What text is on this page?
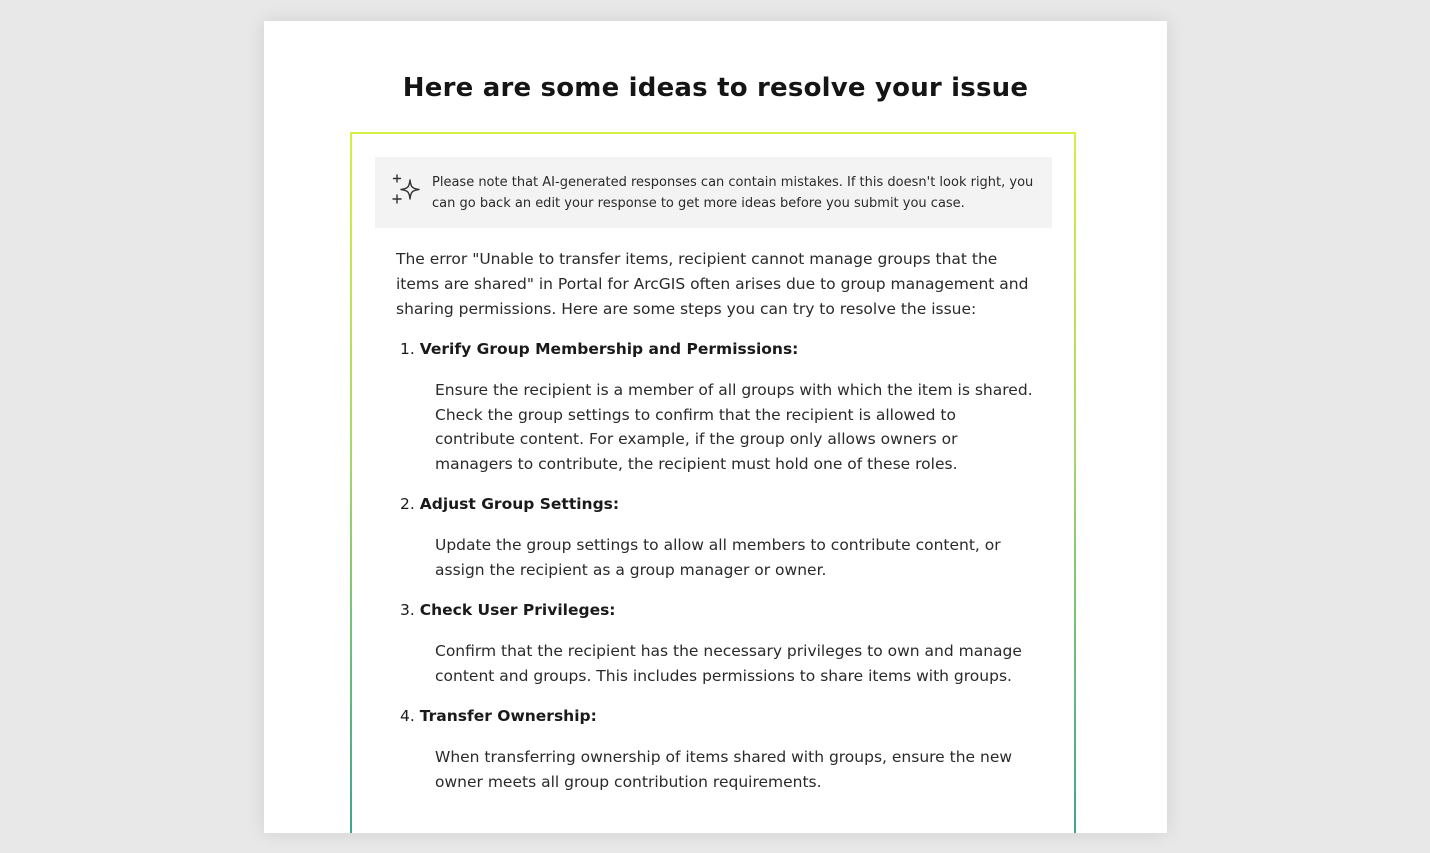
Here are some ideas to resolve your issue

Please note that AI-generated responses can contain mistakes. If this doesn't look right, you can go back an edit your response to get more ideas before you submit you case.

The error "Unable to transfer items, recipient cannot manage groups that the items are shared" in Portal for ArcGIS often arises due to group management and sharing permissions. Here are some steps you can try to resolve the issue:

1. Verify Group Membership and Permissions:

Ensure the recipient is a member of all groups with which the item is shared. Check the group settings to confirm that the recipient is allowed to contribute content. For example, if the group only allows owners or managers to contribute, the recipient must hold one of these roles.

2. Adjust Group Settings:

Update the group settings to allow all members to contribute content, or assign the recipient as a group manager or owner.

3. Check User Privileges:

Confirm that the recipient has the necessary privileges to own and manage content and groups. This includes permissions to share items with groups.

4. Transfer Ownership:

When transferring ownership of items shared with groups, ensure the new owner meets all group contribution requirements.
